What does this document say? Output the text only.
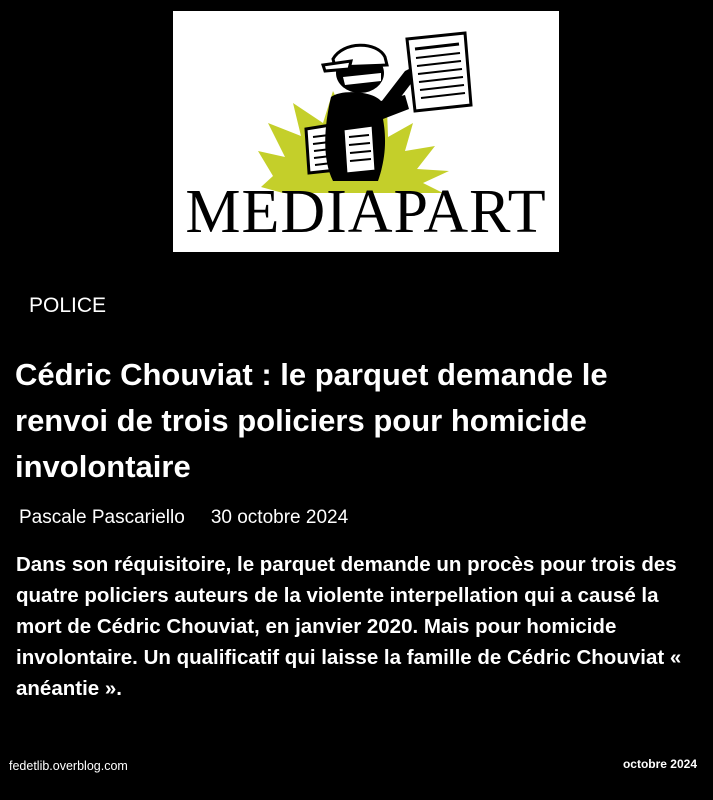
MEDIAPART
POLICE
Cédric Chouviat : le parquet demande le renvoi de trois policiers pour homicide involontaire
Pascale Pascariello 30 octobre 2024

Dans son réquisitoire, le parquet demande un procès pour trois des quatre policiers auteurs de la violente interpellation qui a causé la mort de Cédric Chouviat, en janvier 2020. Mais pour homicide involontaire. Un qualificatif qui laisse la famille de Cédric Chouviat « anéantie ».

fedetlib.overblog.com	octobre 2024
